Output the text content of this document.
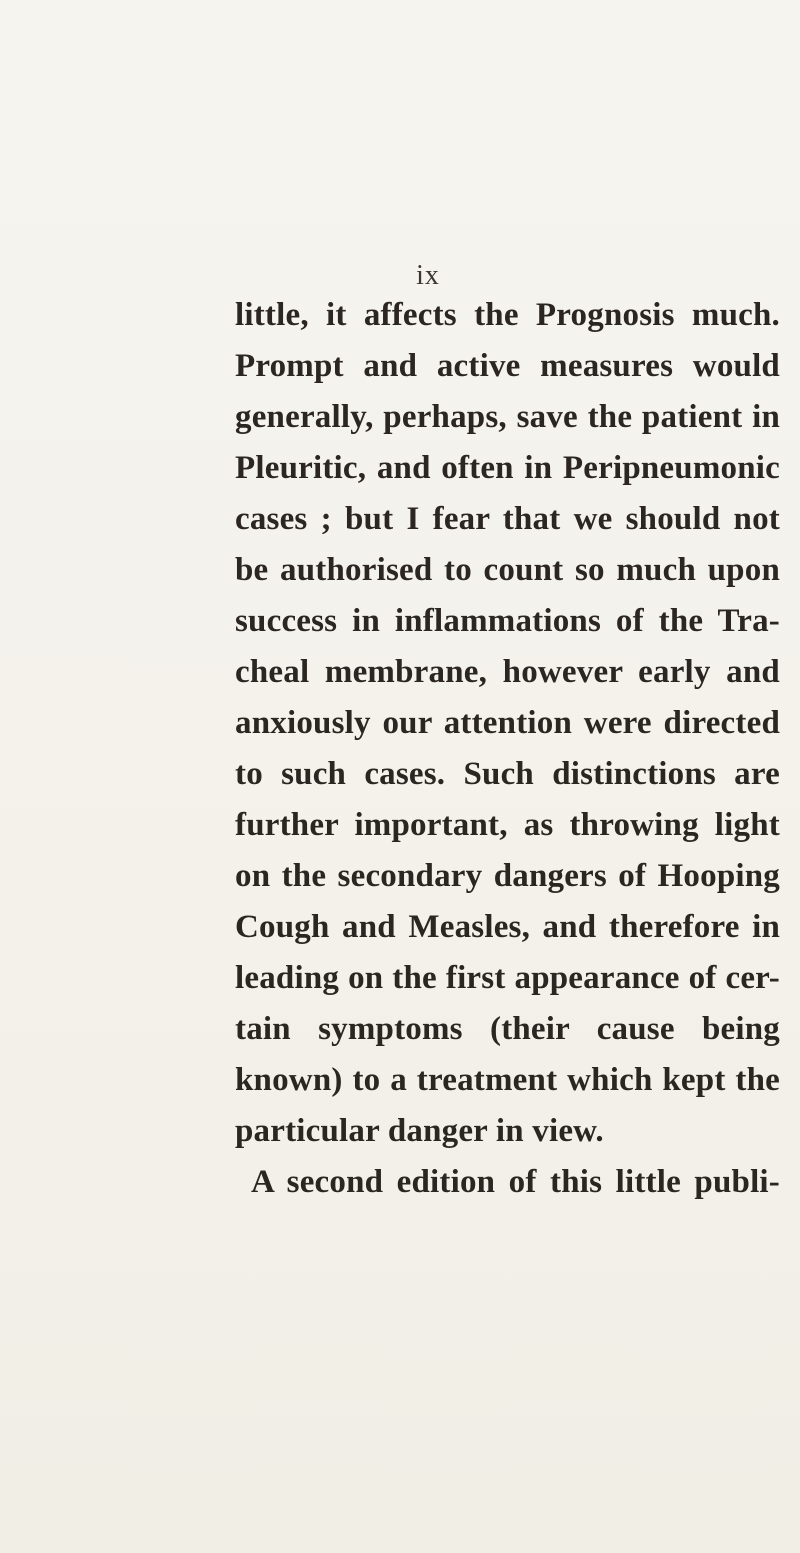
ix
little, it affects the Prognosis much.
Prompt and active measures would
generally, perhaps, save the patient in
Pleuritic, and often in Peripneumonic
cases ; but I fear that we should not
be authorised to count so much upon
success in inflammations of the Tra-
cheal membrane, however early and
anxiously our attention were directed
to such cases. Such distinctions are
further important, as throwing light
on the secondary dangers of Hooping
Cough and Measles, and therefore in
leading on the first appearance of cer-
tain symptoms (their cause being
known) to a treatment which kept the
particular danger in view.
A second edition of this little publi-
